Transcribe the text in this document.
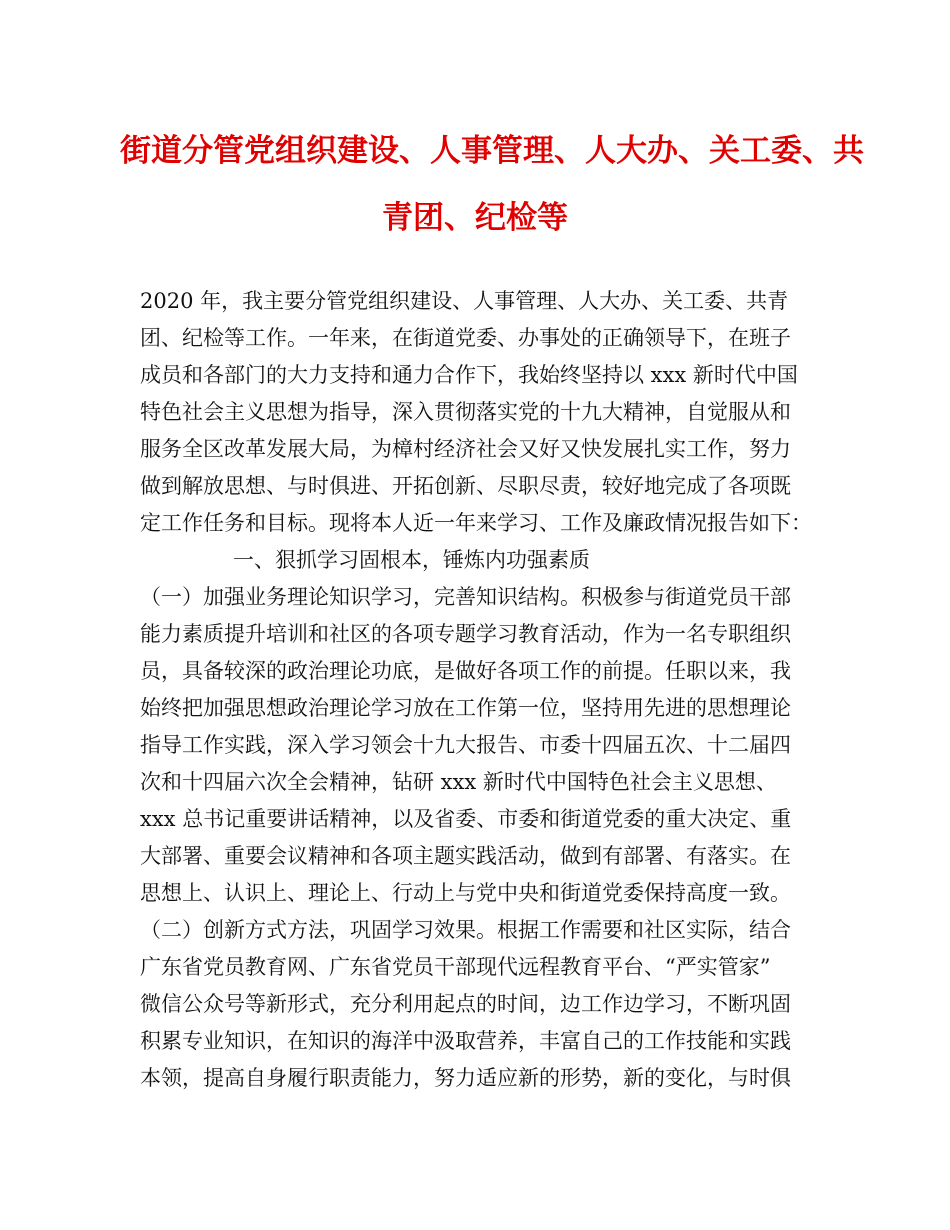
街道分管党组织建设、人事管理、人大办、关工委、共
青团、纪检等

2020 年，我主要分管党组织建设、人事管理、人大办、关工委、共青

团、纪检等工作。一年来，在街道党委、办事处的正确领导下，在班子

成员和各部门的大力支持和通力合作下，我始终坚持以 xxx 新时代中国

特色社会主义思想为指导，深入贯彻落实党的十九大精神，自觉服从和

服务全区改革发展大局，为樟村经济社会又好又快发展扎实工作，努力

做到解放思想、与时俱进、开拓创新、尽职尽责，较好地完成了各项既

定工作任务和目标。现将本人近一年来学习、工作及廉政情况报告如下：

一、狠抓学习固根本，锤炼内功强素质

（一）加强业务理论知识学习，完善知识结构。积极参与街道党员干部

能力素质提升培训和社区的各项专题学习教育活动，作为一名专职组织

员，具备较深的政治理论功底，是做好各项工作的前提。任职以来，我

始终把加强思想政治理论学习放在工作第一位，坚持用先进的思想理论

指导工作实践，深入学习领会十九大报告、市委十四届五次、十二届四

次和十四届六次全会精神，钻研 xxx 新时代中国特色社会主义思想、

xxx 总书记重要讲话精神，以及省委、市委和街道党委的重大决定、重

大部署、重要会议精神和各项主题实践活动，做到有部署、有落实。在

思想上、认识上、理论上、行动上与党中央和街道党委保持高度一致。

（二）创新方式方法，巩固学习效果。根据工作需要和社区实际，结合

广东省党员教育网、广东省党员干部现代远程教育平台、“严实管家”

微信公众号等新形式，充分利用起点的时间，边工作边学习，不断巩固

积累专业知识，在知识的海洋中汲取营养，丰富自己的工作技能和实践

本领，提高自身履行职责能力，努力适应新的形势，新的变化，与时俱
